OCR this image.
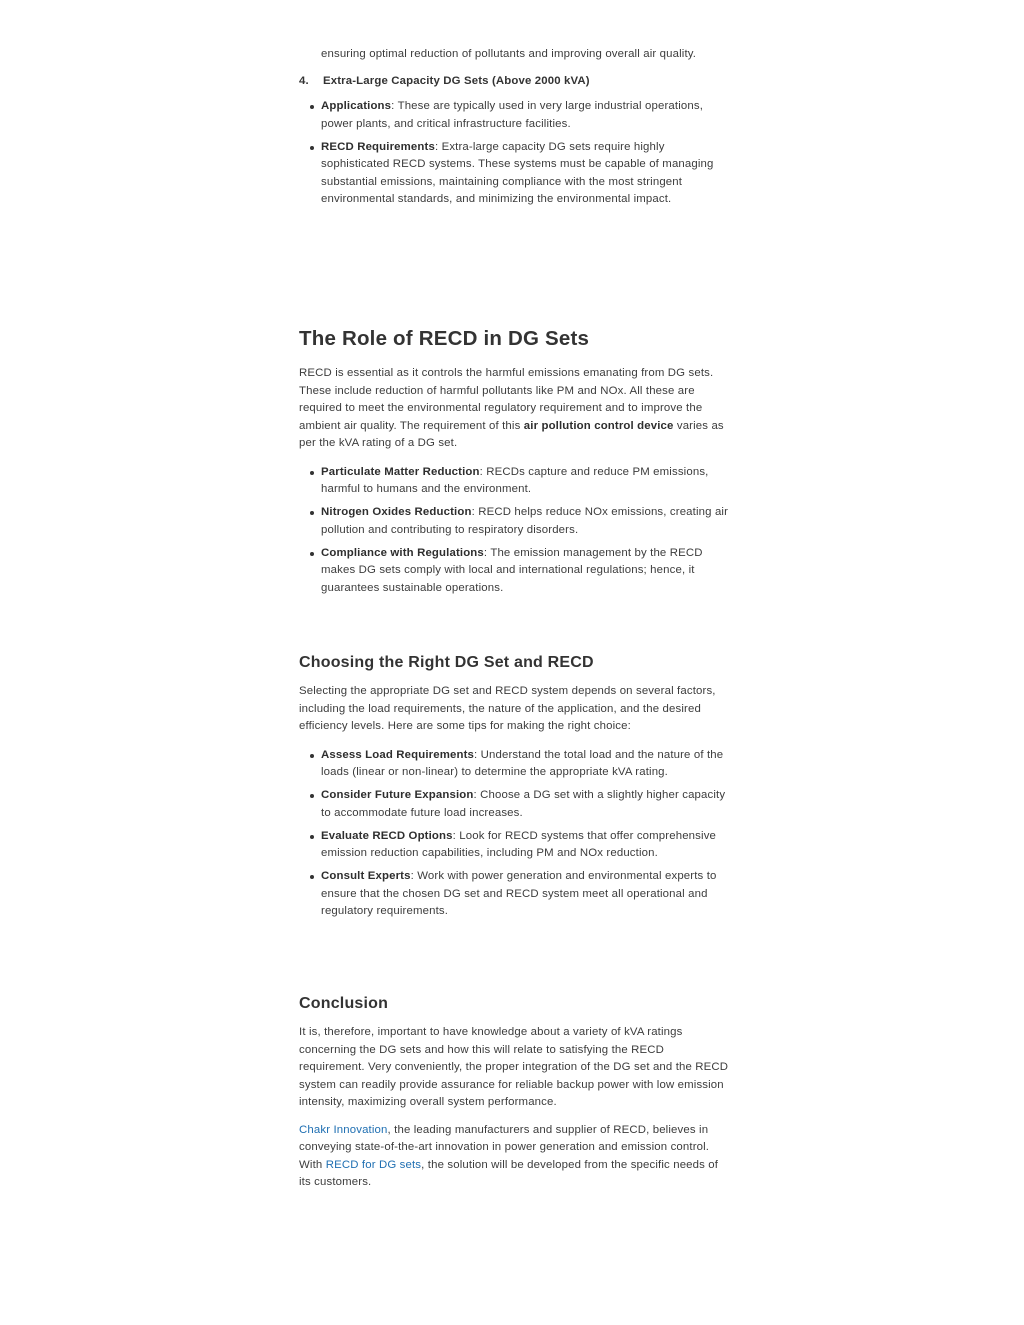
ensuring optimal reduction of pollutants and improving overall air quality.

4. Extra-Large Capacity DG Sets (Above 2000 kVA)
Applications: These are typically used in very large industrial operations, power plants, and critical infrastructure facilities.
RECD Requirements: Extra-large capacity DG sets require highly sophisticated RECD systems. These systems must be capable of managing substantial emissions, maintaining compliance with the most stringent environmental standards, and minimizing the environmental impact.
The Role of RECD in DG Sets

RECD is essential as it controls the harmful emissions emanating from DG sets. These include reduction of harmful pollutants like PM and NOx. All these are required to meet the environmental regulatory requirement and to improve the ambient air quality. The requirement of this air pollution control device varies as per the kVA rating of a DG set.

Particulate Matter Reduction: RECDs capture and reduce PM emissions, harmful to humans and the environment.
Nitrogen Oxides Reduction: RECD helps reduce NOx emissions, creating air pollution and contributing to respiratory disorders.
Compliance with Regulations: The emission management by the RECD makes DG sets comply with local and international regulations; hence, it guarantees sustainable operations.
Choosing the Right DG Set and RECD

Selecting the appropriate DG set and RECD system depends on several factors, including the load requirements, the nature of the application, and the desired efficiency levels. Here are some tips for making the right choice:

Assess Load Requirements: Understand the total load and the nature of the loads (linear or non-linear) to determine the appropriate kVA rating.
Consider Future Expansion: Choose a DG set with a slightly higher capacity to accommodate future load increases.
Evaluate RECD Options: Look for RECD systems that offer comprehensive emission reduction capabilities, including PM and NOx reduction.
Consult Experts: Work with power generation and environmental experts to ensure that the chosen DG set and RECD system meet all operational and regulatory requirements.
Conclusion

It is, therefore, important to have knowledge about a variety of kVA ratings concerning the DG sets and how this will relate to satisfying the RECD requirement. Very conveniently, the proper integration of the DG set and the RECD system can readily provide assurance for reliable backup power with low emission intensity, maximizing overall system performance.

Chakr Innovation, the leading manufacturers and supplier of RECD, believes in conveying state-of-the-art innovation in power generation and emission control. With RECD for DG sets, the solution will be developed from the specific needs of its customers.
